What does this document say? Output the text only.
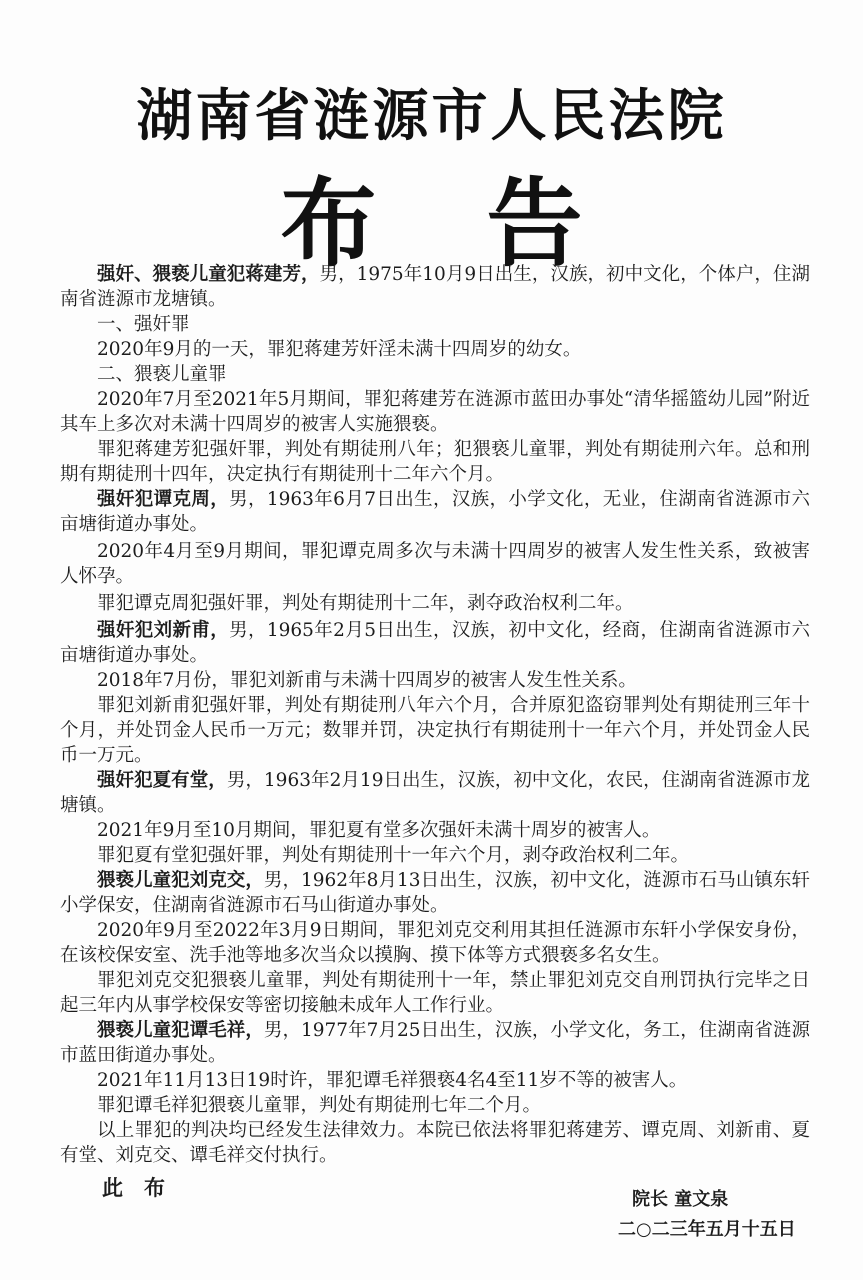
湖南省涟源市人民法院
布 告

强奸、猥亵儿童犯蒋建芳，男，1975年10月9日出生，汉族，初中文化，个体户，住湖南省涟源市龙塘镇。

一、强奸罪

2020年9月的一天，罪犯蒋建芳奸淫未满十四周岁的幼女。

二、猥亵儿童罪

2020年7月至2021年5月期间，罪犯蒋建芳在涟源市蓝田办事处“清华摇篮幼儿园”附近其车上多次对未满十四周岁的被害人实施猥亵。

罪犯蒋建芳犯强奸罪，判处有期徒刑八年；犯猥亵儿童罪，判处有期徒刑六年。总和刑期有期徒刑十四年，决定执行有期徒刑十二年六个月。

强奸犯谭克周，男，1963年6月7日出生，汉族，小学文化，无业，住湖南省涟源市六亩塘街道办事处。

2020年4月至9月期间，罪犯谭克周多次与未满十四周岁的被害人发生性关系，致被害人怀孕。

罪犯谭克周犯强奸罪，判处有期徒刑十二年，剥夺政治权利二年。

强奸犯刘新甫，男，1965年2月5日出生，汉族，初中文化，经商，住湖南省涟源市六亩塘街道办事处。

2018年7月份，罪犯刘新甫与未满十四周岁的被害人发生性关系。

罪犯刘新甫犯强奸罪，判处有期徒刑八年六个月，合并原犯盗窃罪判处有期徒刑三年十个月，并处罚金人民币一万元；数罪并罚，决定执行有期徒刑十一年六个月，并处罚金人民币一万元。

强奸犯夏有堂，男，1963年2月19日出生，汉族，初中文化，农民，住湖南省涟源市龙塘镇。

2021年9月至10月期间，罪犯夏有堂多次强奸未满十周岁的被害人。

罪犯夏有堂犯强奸罪，判处有期徒刑十一年六个月，剥夺政治权利二年。

猥亵儿童犯刘克交，男，1962年8月13日出生，汉族，初中文化，涟源市石马山镇东轩小学保安，住湖南省涟源市石马山街道办事处。

2020年9月至2022年3月9日期间，罪犯刘克交利用其担任涟源市东轩小学保安身份，在该校保安室、洗手池等地多次当众以摸胸、摸下体等方式猥亵多名女生。

罪犯刘克交犯猥亵儿童罪，判处有期徒刑十一年，禁止罪犯刘克交自刑罚执行完毕之日起三年内从事学校保安等密切接触未成年人工作行业。

猥亵儿童犯谭毛祥，男，1977年7月25日出生，汉族，小学文化，务工，住湖南省涟源市蓝田街道办事处。

2021年11月13日19时许，罪犯谭毛祥猥亵4名4至11岁不等的被害人。

罪犯谭毛祥犯猥亵儿童罪，判处有期徒刑七年二个月。

以上罪犯的判决均已经发生法律效力。本院已依法将罪犯蒋建芳、谭克周、刘新甫、夏有堂、刘克交、谭毛祥交付执行。

此　布	院长 童文泉
二○二三年五月十五日
